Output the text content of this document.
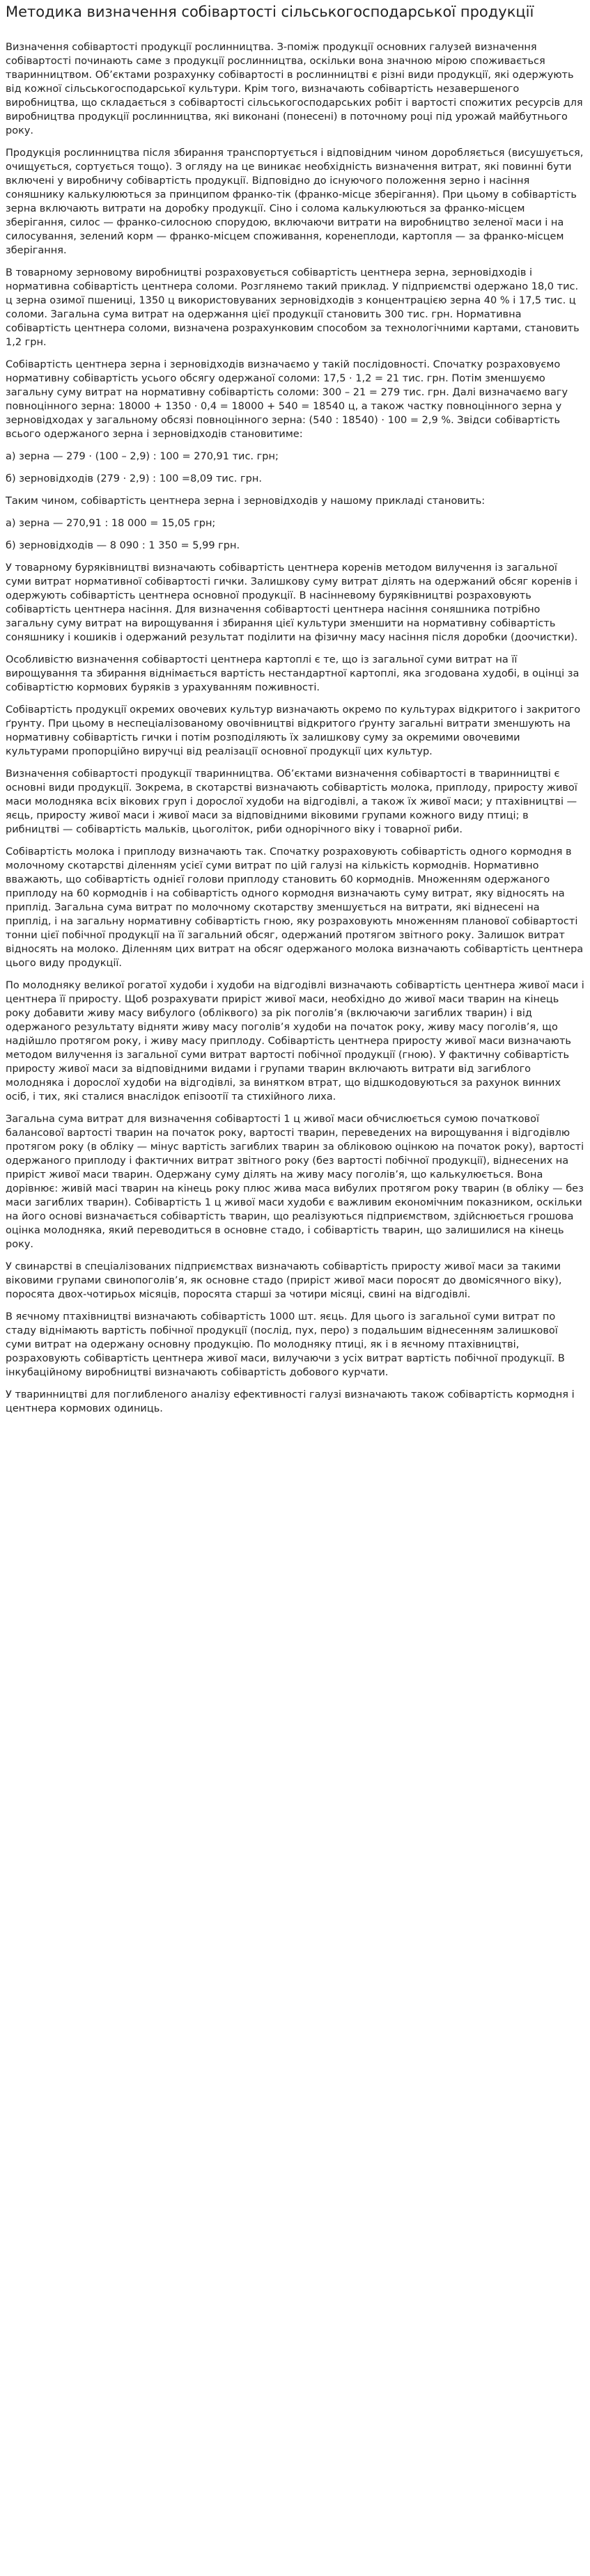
Методика визначення собівартості сільськогосподарської продукції

Визначення собівартості продукції рослинництва. З-поміж продукції основних галузей визначення собівартості починають саме з продукції рослинництва, оскільки вона значною мірою споживається тваринництвом. Об’єктами розрахунку собівартості в рослинництві є різні види продукції, які одержують від кожної сільськогосподарської культури. Крім того, визначають собівартість незавершеного виробництва, що складається з собівартості сільськогосподарських робіт і вартості спожитих ресурсів для виробництва продукції рослинництва, які виконані (понесені) в поточному році під урожай майбутнього року.

Продукція рослинництва після збирання транспортується і відповідним чином доробляється (висушується, очищується, сортується тощо). З огляду на це виникає необхідність визначення витрат, які повинні бути включені у виробничу собівартість продукції. Відповідно до існуючого положення зерно і насіння соняшнику калькулюються за принципом франко-тік (франко-місце зберігання). При цьому в собівартість зерна включають витрати на доробку продукції. Сіно і солома калькулюються за франко-місцем зберігання, силос — франко-силосною спорудою, включаючи витрати на виробництво зеленої маси і на силосування, зелений корм — франко-місцем споживання, коренеплоди, картопля — за франко-місцем зберігання.

В товарному зерновому виробництві розраховується собівартість центнера зерна, зерновідходів і нормативна собівартість центнера соломи. Розглянемо такий приклад. У підприємстві одержано 18,0 тис. ц зерна озимої пшениці, 1350 ц використовуваних зерновідходів з концентрацією зерна 40 % і 17,5 тис. ц соломи. Загальна сума витрат на одержання цієї продукції становить 300 тис. грн. Нормативна собівартість центнера соломи, визначена розрахунковим способом за технологічними картами, становить 1,2 грн.

Собівартість центнера зерна і зерновідходів визначаємо у такій послідовності. Спочатку розраховуємо нормативну собівартість усього обсягу одержаної соломи: 17,5 · 1,2 = 21 тис. грн. Потім зменшуємо загальну суму витрат на нормативну собівартість соломи: 300 – 21 = 279 тис. грн. Далі визначаємо вагу повноцінного зерна: 18000 + 1350 · 0,4 = 18000 + 540 = 18540 ц, а також частку повноцінного зерна у зерновідходах у загальному обсязі повноцінного зерна: (540 : 18540) · 100 = 2,9 %. Звідси собівартість всього одержаного зерна і зерновідходів становитиме:

а) зерна — 279 · (100 – 2,9) : 100 = 270,91 тис. грн;

б) зерновідходів (279 · 2,9) : 100 =8,09 тис. грн.

Таким чином, собівартість центнера зерна і зерновідходів у нашому прикладі становить:

а) зерна — 270,91 : 18 000 = 15,05 грн;

б) зерновідходів — 8 090 : 1 350 = 5,99 грн.

У товарному буряківництві визначають собівартість центнера коренів методом вилучення із загальної суми витрат нормативної собівартості гички. Залишкову суму витрат ділять на одержаний обсяг коренів і одержують собівартість центнера основної продукції. В насінневому буряківництві розраховують собівартість центнера насіння. Для визначення собівартості центнера насіння соняшника потрібно загальну суму витрат на вирощування і збирання цієї культури зменшити на нормативну собівартість соняшнику і кошиків і одержаний результат поділити на фізичну масу насіння після доробки (доочистки).

Особливістю визначення собівартості центнера картоплі є те, що із загальної суми витрат на її вирощування та збирання віднімається вартість нестандартної картоплі, яка згодована худобі, в оцінці за собівартістю кормових буряків з урахуванням поживності.

Собівартість продукції окремих овочевих культур визначають окремо по культурах відкритого і закритого ґрунту. При цьому в неспеціалізованому овочівництві відкритого ґрунту загальні витрати зменшують на нормативну собівартість гички і потім розподіляють їх залишкову суму за окремими овочевими культурами пропорційно виручці від реалізації основної продукції цих культур.

Визначення собівартості продукції тваринництва. Об’єктами визначення собівартості в тваринництві є основні види продукції. Зокрема, в скотарстві визначають собівартість молока, приплоду, приросту живої маси молодняка всіх вікових груп і дорослої худоби на відгодівлі, а також їх живої маси; у птахівництві — яєць, приросту живої маси і живої маси за відповідними віковими групами кожного виду птиці; в рибництві — собівартість мальків, цьоголіток, риби однорічного віку і товарної риби.

Собівартість молока і приплоду визначають так. Спочатку розраховують собівартість одного кормодня в молочному скотарстві діленням усієї суми витрат по цій галузі на кількість кормоднів. Нормативно вважають, що собівартість однієї голови приплоду становить 60 кормоднів. Множенням одержаного приплоду на 60 кормоднів і на собівартість одного кормодня визначають суму витрат, яку відносять на приплід. Загальна сума витрат по молочному скотарству зменшується на витрати, які віднесені на приплід, і на загальну нормативну собівартість гною, яку розраховують множенням планової собівартості тонни цієї побічної продукції на її загальний обсяг, одержаний протягом звітного року. Залишок витрат відносять на молоко. Діленням цих витрат на обсяг одержаного молока визначають собівартість центнера цього виду продукції.

По молодняку великої рогатої худоби і худоби на відгодівлі визначають собівартість центнера живої маси і центнера її приросту. Щоб розрахувати приріст живої маси, необхідно до живої маси тварин на кінець року добавити живу масу вибулого (обліквого) за рік поголів’я (включаючи загиблих тварин) і від одержаного результату відняти живу масу поголів’я худоби на початок року, живу масу поголів’я, що надійшло протягом року, і живу масу приплоду. Собівартість центнера приросту живої маси визначають методом вилучення із загальної суми витрат вартості побічної продукції (гною). У фактичну собівартість приросту живої маси за відповідними видами і групами тварин включають витрати від загиблого молодняка і дорослої худоби на відгодівлі, за винятком втрат, що відшкодовуються за рахунок винних осіб, і тих, які сталися внаслідок епізоотії та стихійного лиха.

Загальна сума витрат для визначення собівартості 1 ц живої маси обчислюється сумою початкової балансової вартості тварин на початок року, вартості тварин, переведених на вирощування і відгодівлю протягом року (в обліку — мінус вартість загиблих тварин за обліковою оцінкою на початок року), вартості одержаного приплоду і фактичних витрат звітного року (без вартості побічної продукції), віднесених на приріст живої маси тварин. Одержану суму ділять на живу масу поголів’я, що калькулюється. Вона дорівнює: живій масі тварин на кінець року плюс жива маса вибулих протягом року тварин (в обліку — без маси загиблих тварин). Собівартість 1 ц живої маси худоби є важливим економічним показником, оскільки на його основі визначається собівартість тварин, що реалізуються підприємством, здійснюється грошова оцінка молодняка, який переводиться в основне стадо, і собівартість тварин, що залишилися на кінець року.

У свинарстві в спеціалізованих підприємствах визначають собівартість приросту живої маси за такими віковими групами свинопоголів’я, як основне стадо (приріст живої маси поросят до двомісячного віку), поросята двох-чотирьох місяців, поросята старші за чотири місяці, свині на відгодівлі.

В яєчному птахівництві визначають собівартість 1000 шт. яєць. Для цього із загальної суми витрат по стаду віднімають вартість побічної продукції (послід, пух, перо) з подальшим віднесенням залишкової суми витрат на одержану основну продукцію. По молодняку птиці, як і в яєчному птахівництві, розраховують собівартість центнера живої маси, вилучаючи з усіх витрат вартість побічної продукції. В інкубаційному виробництві визначають собівартість добового курчати.

У тваринництві для поглибленого аналізу ефективності галузі визначають також собівартість кормодня і центнера кормових одиниць.
